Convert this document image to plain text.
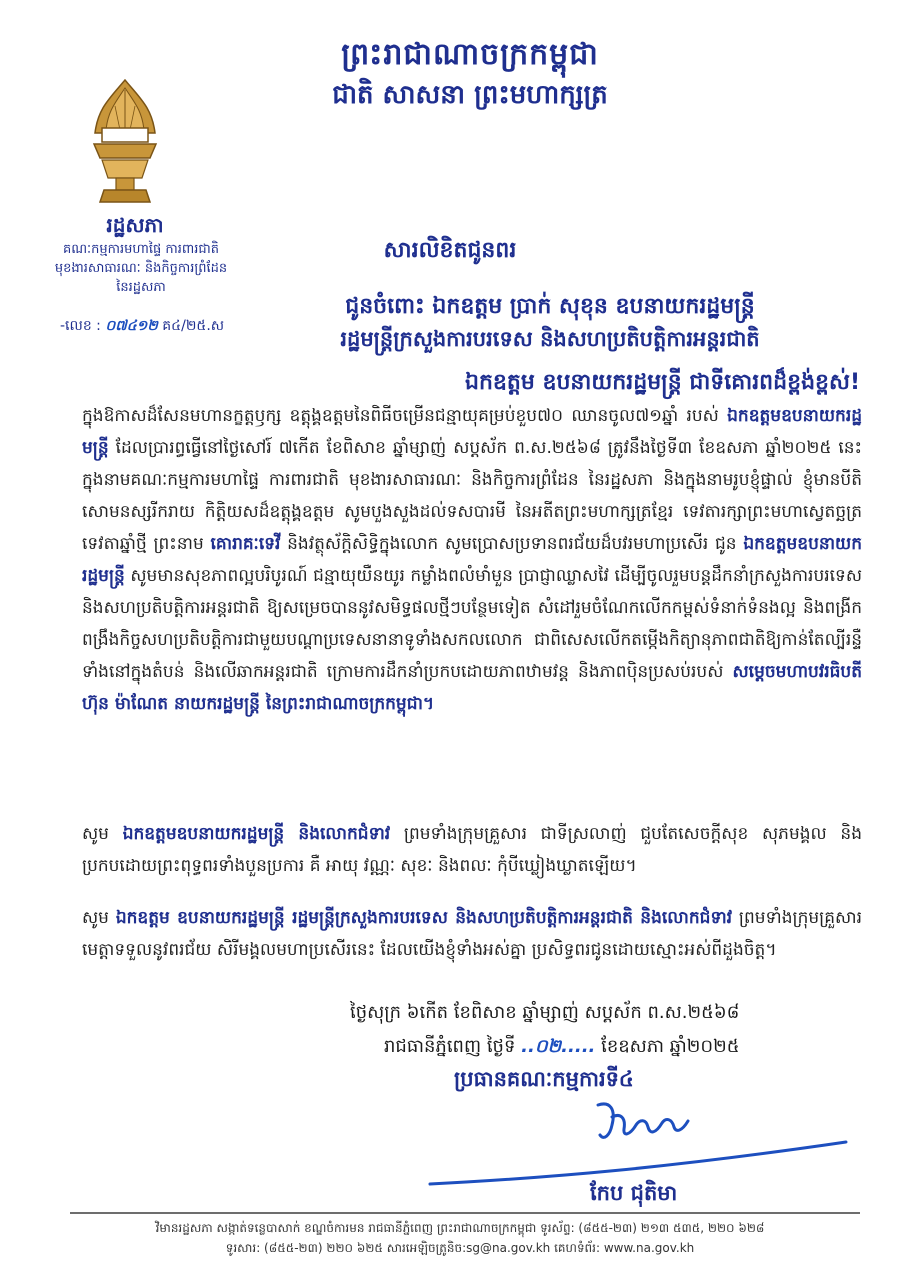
ព្រះរាជាណាចក្រកម្ពុជា
ជាតិ សាសនា ព្រះមហាក្សត្រ
រដ្ឋសភា
គណៈកម្មការមហាផ្ទៃ ការពារជាតិ
មុខងារសាធារណៈ និងកិច្ចការព្រំដែន
នៃរដ្ឋសភា
-លេខ : ០៧៤១២ គ៤/២៥.ស
សារលិខិតជូនពរ
ជូនចំពោះ ឯកឧត្តម ប្រាក់ សុខុន ឧបនាយករដ្ឋមន្ត្រី
រដ្ឋមន្ត្រីក្រសួងការបរទេស និងសហប្រតិបត្តិការអន្តរជាតិ
ឯកឧត្តម ឧបនាយករដ្ឋមន្ត្រី ជាទីគោរពដ៏ខ្ពង់ខ្ពស់!
ក្នុងឱកាសដ៏សែនមហានក្ខត្តឫក្ស ឧត្តុង្គឧត្តមនៃពិធីចម្រើនជន្មាយុគម្រប់ខួប៧០ ឈានចូល៧១ឆ្នាំ របស់ ឯកឧត្តមឧបនាយករដ្ឋមន្ត្រី ដែលប្រារព្ធធ្វើនៅថ្ងៃសៅរ៍ ៧កើត ខែពិសាខ ឆ្នាំម្សាញ់ សប្តស័ក ព.ស.២៥៦៨ ត្រូវនឹងថ្ងៃទី៣ ខែឧសភា ឆ្នាំ២០២៥ នេះ ក្នុងនាមគណៈកម្មការមហាផ្ទៃ ការពារជាតិ មុខងារសាធារណៈ និងកិច្ចការព្រំដែន នៃរដ្ឋសភា និងក្នុងនាមរូបខ្ញុំផ្ទាល់ ខ្ញុំមានបីតិសោមនស្សរីករាយ កិត្តិយសដ៏ឧត្តុង្គឧត្តម សូមបួងសួងដល់ទសបារមី នៃអតីតព្រះមហាក្សត្រខ្មែរ ទេវតារក្សាព្រះមហាស្វេតច្ឆត្រ ទេវតាឆ្នាំថ្មី ព្រះនាម គោរាគៈទេវី និងវត្ថុស័ក្តិសិទ្ធិក្នុងលោក សូមប្រោសប្រទានពរជ័យដ៏បវរមហាប្រសើរ ជូន ឯកឧត្តមឧបនាយករដ្ឋមន្ត្រី សូមមានសុខភាពល្អបរិបូរណ៍ ជន្មាយុយឺនយូរ កម្លាំងពលំមាំមួន ប្រាជ្ញាឈ្លាសវៃ ដើម្បីចូលរួមបន្តដឹកនាំក្រសួងការបរទេស និងសហប្រតិបត្តិការអន្តរជាតិ ឱ្យសម្រេចបាននូវសមិទ្ធផលថ្មីៗបន្ថែមទៀត សំដៅរួមចំណែកលើកកម្ពស់ទំនាក់ទំនងល្អ និងពង្រីកពង្រឹងកិច្ចសហប្រតិបត្តិការជាមួយបណ្តាប្រទេសនានាទូទាំងសកលលោក ជាពិសេសលើកតម្កើងកិត្យានុភាពជាតិឱ្យកាន់តែល្បីរន្ទឺទាំងនៅក្នុងតំបន់ និងលើឆាកអន្តរជាតិ ក្រោមការដឹកនាំប្រកបដោយភាពឋាមវន្ត និងភាពប៉ិនប្រសប់របស់ សម្តេចមហាបវរធិបតី ហ៊ុន ម៉ាណែត នាយករដ្ឋមន្ត្រី នៃព្រះរាជាណាចក្រកម្ពុជា។
សូម ឯកឧត្តមឧបនាយករដ្ឋមន្ត្រី និងលោកជំទាវ ព្រមទាំងក្រុមគ្រួសារ ជាទីស្រលាញ់ ជួបតែសេចក្តីសុខ សុភមង្គល និងប្រកបដោយព្រះពុទ្ធពរទាំងបួនប្រការ គឺ អាយុ វណ្ណៈ សុខៈ និងពលៈ កុំបីឃ្លៀងឃ្លាតឡើយ។
សូម ឯកឧត្តម ឧបនាយករដ្ឋមន្ត្រី រដ្ឋមន្ត្រីក្រសួងការបរទេស និងសហប្រតិបត្តិការអន្តរជាតិ និងលោកជំទាវ ព្រមទាំងក្រុមគ្រួសារ មេត្តាទទួលនូវពរជ័យ សិរីមង្គលមហាប្រសើរនេះ ដែលយើងខ្ញុំទាំងអស់គ្នា ប្រសិទ្ធពរជូនដោយស្មោះអស់ពីដួងចិត្ត។
ថ្ងៃសុក្រ ៦កើត ខែពិសាខ ឆ្នាំម្សាញ់ សប្តស័ក ព.ស.២៥៦៨
រាជធានីភ្នំពេញ ថ្ងៃទី ..០២..... ខែឧសភា ឆ្នាំ២០២៥
ប្រធានគណៈកម្មការទី៤
កែប ជុតិមា
វិមានរដ្ឋសភា សង្កាត់ទន្លេបាសាក់ ខណ្ឌចំការមន រាជធានីភ្នំពេញ ព្រះរាជាណាចក្រកម្ពុជា ទូរស័ព្ទ: (៨៥៥-២៣) ២១៣ ៥៣៥, ២២០ ៦២៨
ទូរសារ: (៨៥៥-២៣) ២២០ ៦២៥ សារអេឡិចត្រូនិច:sg@na.gov.kh គេហទំព័រ: www.na.gov.kh
